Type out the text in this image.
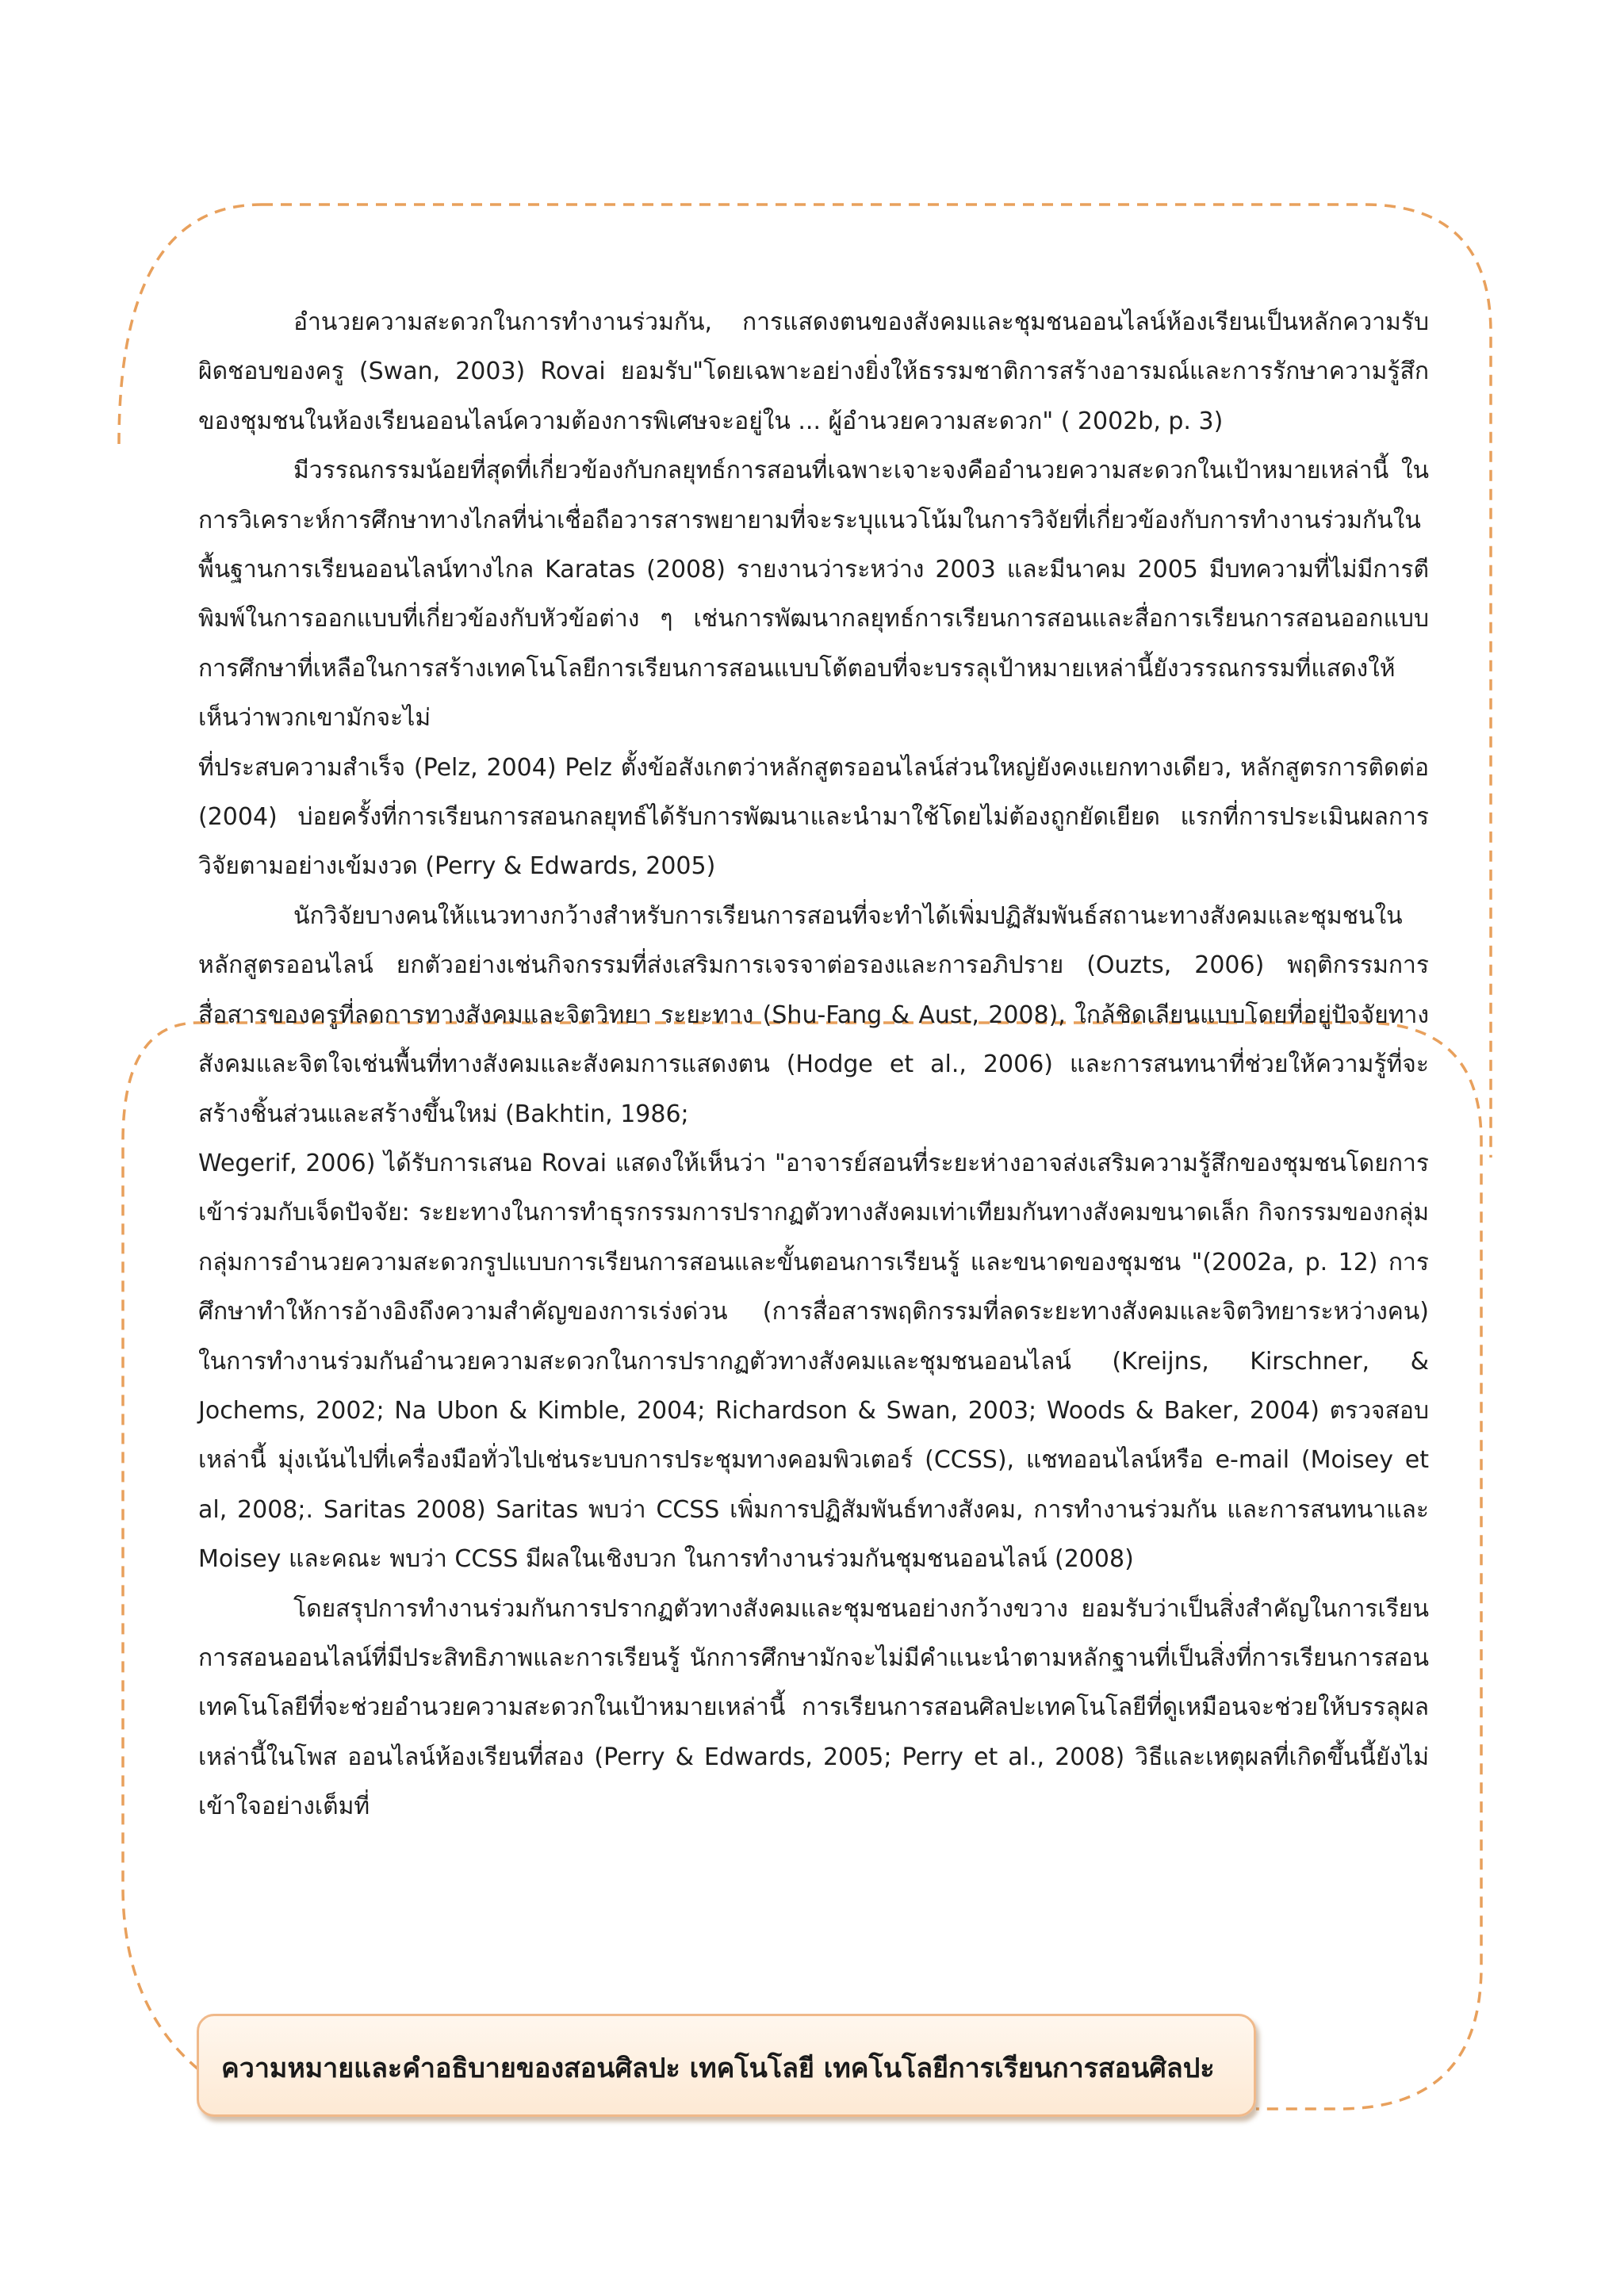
อำนวยความสะดวกในการทำงานร่วมกัน, การแสดงตนของสังคมและชุมชนออนไลน์ห้องเรียนเป็นหลักความรับผิดชอบของครู (Swan, 2003) Rovai ยอมรับ"โดยเฉพาะอย่างยิ่งให้ธรรมชาติการสร้างอารมณ์และการรักษาความรู้สึกของชุมชนในห้องเรียนออนไลน์ความต้องการพิเศษจะอยู่ใน ... ผู้อำนวยความสะดวก" ( 2002b, p. 3)

มีวรรณกรรมน้อยที่สุดที่เกี่ยวข้องกับกลยุทธ์การสอนที่เฉพาะเจาะจงคืออำนวยความสะดวกในเป้าหมายเหล่านี้ ในการวิเคราะห์การศึกษาทางไกลที่น่าเชื่อถือวารสารพยายามที่จะระบุแนวโน้มในการวิจัยที่เกี่ยวข้องกับการทำงานร่วมกันใน พื้นฐานการเรียนออนไลน์ทางไกล Karatas (2008) รายงานว่าระหว่าง 2003 และมีนาคม 2005 มีบทความที่ไม่มีการตีพิมพ์ในการออกแบบที่เกี่ยวข้องกับหัวข้อต่าง ๆ เช่นการพัฒนากลยุทธ์การเรียนการสอนและสื่อการเรียนการสอนออกแบบ การศึกษาที่เหลือในการสร้างเทคโนโลยีการเรียนการสอนแบบโต้ตอบที่จะบรรลุเป้าหมายเหล่านี้ยังวรรณกรรมที่แสดงให้เห็นว่าพวกเขามักจะไม่

ที่ประสบความสำเร็จ (Pelz, 2004) Pelz ตั้งข้อสังเกตว่าหลักสูตรออนไลน์ส่วนใหญ่ยังคงแยกทางเดียว, หลักสูตรการติดต่อ (2004) บ่อยครั้งที่การเรียนการสอนกลยุทธ์ได้รับการพัฒนาและนำมาใช้โดยไม่ต้องถูกยัดเยียด แรกที่การประเมินผลการวิจัยตามอย่างเข้มงวด (Perry & Edwards, 2005)

นักวิจัยบางคนให้แนวทางกว้างสำหรับการเรียนการสอนที่จะทำได้เพิ่มปฏิสัมพันธ์สถานะทางสังคมและชุมชนในหลักสูตรออนไลน์ ยกตัวอย่างเช่นกิจกรรมที่ส่งเสริมการเจรจาต่อรองและการอภิปราย (Ouzts, 2006) พฤติกรรมการสื่อสารของครูที่ลดการทางสังคมและจิตวิทยา ระยะทาง (Shu-Fang & Aust, 2008), ใกล้ชิดเลียนแบบโดยที่อยู่ปัจจัยทางสังคมและจิตใจเช่นพื้นที่ทางสังคมและสังคมการแสดงตน (Hodge et al., 2006) และการสนทนาที่ช่วยให้ความรู้ที่จะสร้างชิ้นส่วนและสร้างขึ้นใหม่ (Bakhtin, 1986;

Wegerif, 2006) ได้รับการเสนอ Rovai แสดงให้เห็นว่า "อาจารย์สอนที่ระยะห่างอาจส่งเสริมความรู้สึกของชุมชนโดยการเข้าร่วมกับเจ็ดปัจจัย: ระยะทางในการทำธุรกรรมการปรากฏตัวทางสังคมเท่าเทียมกันทางสังคมขนาดเล็ก กิจกรรมของกลุ่มกลุ่มการอำนวยความสะดวกรูปแบบการเรียนการสอนและขั้นตอนการเรียนรู้ และขนาดของชุมชน "(2002a, p. 12) การศึกษาทำให้การอ้างอิงถึงความสำคัญของการเร่งด่วน (การสื่อสารพฤติกรรมที่ลดระยะทางสังคมและจิตวิทยาระหว่างคน) ในการทำงานร่วมกันอำนวยความสะดวกในการปรากฏตัวทางสังคมและชุมชนออนไลน์ (Kreijns, Kirschner, & Jochems, 2002; Na Ubon & Kimble, 2004; Richardson & Swan, 2003; Woods & Baker, 2004) ตรวจสอบเหล่านี้ มุ่งเน้นไปที่เครื่องมือทั่วไปเช่นระบบการประชุมทางคอมพิวเตอร์ (CCSS), แชทออนไลน์หรือ e-mail (Moisey et al, 2008;. Saritas 2008) Saritas พบว่า CCSS เพิ่มการปฏิสัมพันธ์ทางสังคม, การทำงานร่วมกัน และการสนทนาและ Moisey และคณะ พบว่า CCSS มีผลในเชิงบวก ในการทำงานร่วมกันชุมชนออนไลน์ (2008)

โดยสรุปการทำงานร่วมกันการปรากฏตัวทางสังคมและชุมชนอย่างกว้างขวาง ยอมรับว่าเป็นสิ่งสำคัญในการเรียนการสอนออนไลน์ที่มีประสิทธิภาพและการเรียนรู้ นักการศึกษามักจะไม่มีคำแนะนำตามหลักฐานที่เป็นสิ่งที่การเรียนการสอนเทคโนโลยีที่จะช่วยอำนวยความสะดวกในเป้าหมายเหล่านี้ การเรียนการสอนศิลปะเทคโนโลยีที่ดูเหมือนจะช่วยให้บรรลุผลเหล่านี้ในโพส ออนไลน์ห้องเรียนที่สอง (Perry & Edwards, 2005; Perry et al., 2008) วิธีและเหตุผลที่เกิดขึ้นนี้ยังไม่เข้าใจอย่างเต็มที่

ความหมายและคำอธิบายของสอนศิลปะ เทคโนโลยี เทคโนโลยีการเรียนการสอนศิลปะ
